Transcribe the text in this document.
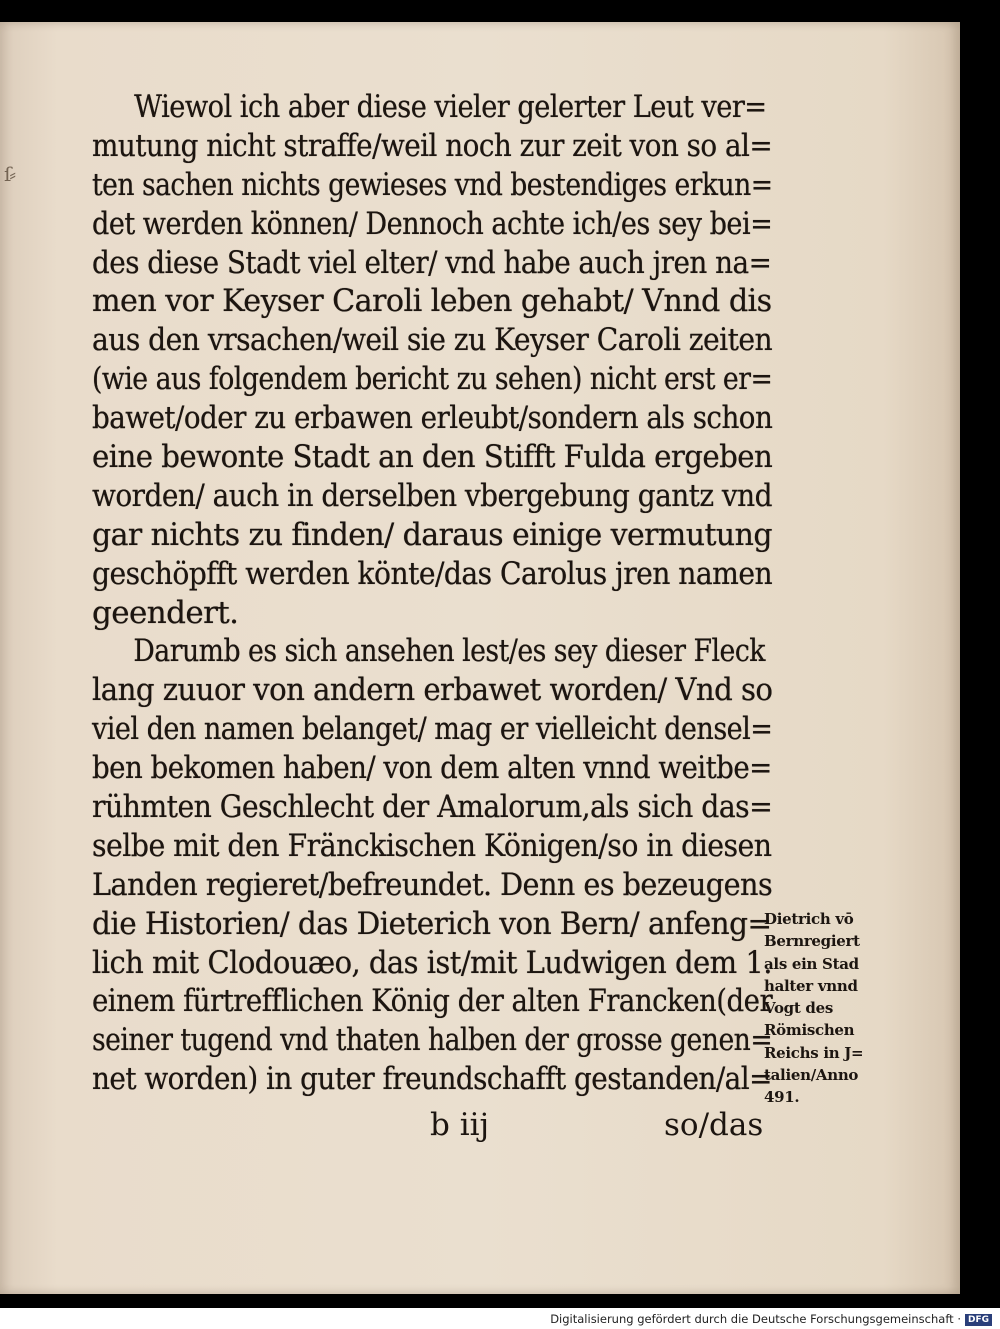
ſ⸗
Wiewol ich aber diese vieler gelerter Leut ver=
mutung nicht straffe/weil noch zur zeit von so al=
ten sachen nichts gewieses vnd bestendiges erkun=
det werden können/ Dennoch achte ich/es sey bei=
des diese Stadt viel elter/ vnd habe auch jren na=
men vor Keyser Caroli leben gehabt/ Vnnd dis
aus den vrsachen/weil sie zu Keyser Caroli zeiten
(wie aus folgendem bericht zu sehen) nicht erst er=
bawet/oder zu erbawen erleubt/sondern als schon
eine bewonte Stadt an den Stifft Fulda ergeben
worden/ auch in derselben vbergebung gantz vnd
gar nichts zu finden/ daraus einige vermutung
geschöpfft werden könte/das Carolus jren namen
geendert.
Darumb es sich ansehen lest/es sey dieser Fleck
lang zuuor von andern erbawet worden/ Vnd so
viel den namen belanget/ mag er vielleicht densel=
ben bekomen haben/ von dem alten vnnd weitbe=
rühmten Geschlecht der Amalorum,als sich das=
selbe mit den Fränckischen Königen/so in diesen
Landen regieret/befreundet. Denn es bezeugens
die Historien/ das Dieterich von Bern/ anfeng=
lich mit Clodouæo, das ist/mit Ludwigen dem 1.
einem fürtrefflichen König der alten Francken(der
seiner tugend vnd thaten halben der grosse genen=
net worden) in guter freundschafft gestanden/al=
Dietrich vō
Bernregiert
als ein Stad
halter vnnd
Vogt des
Römischen
Reichs in J=
talien/Anno
491.
b iij	so/das
Digitalisierung gefördert durch die Deutsche Forschungsgemeinschaft · DFG
